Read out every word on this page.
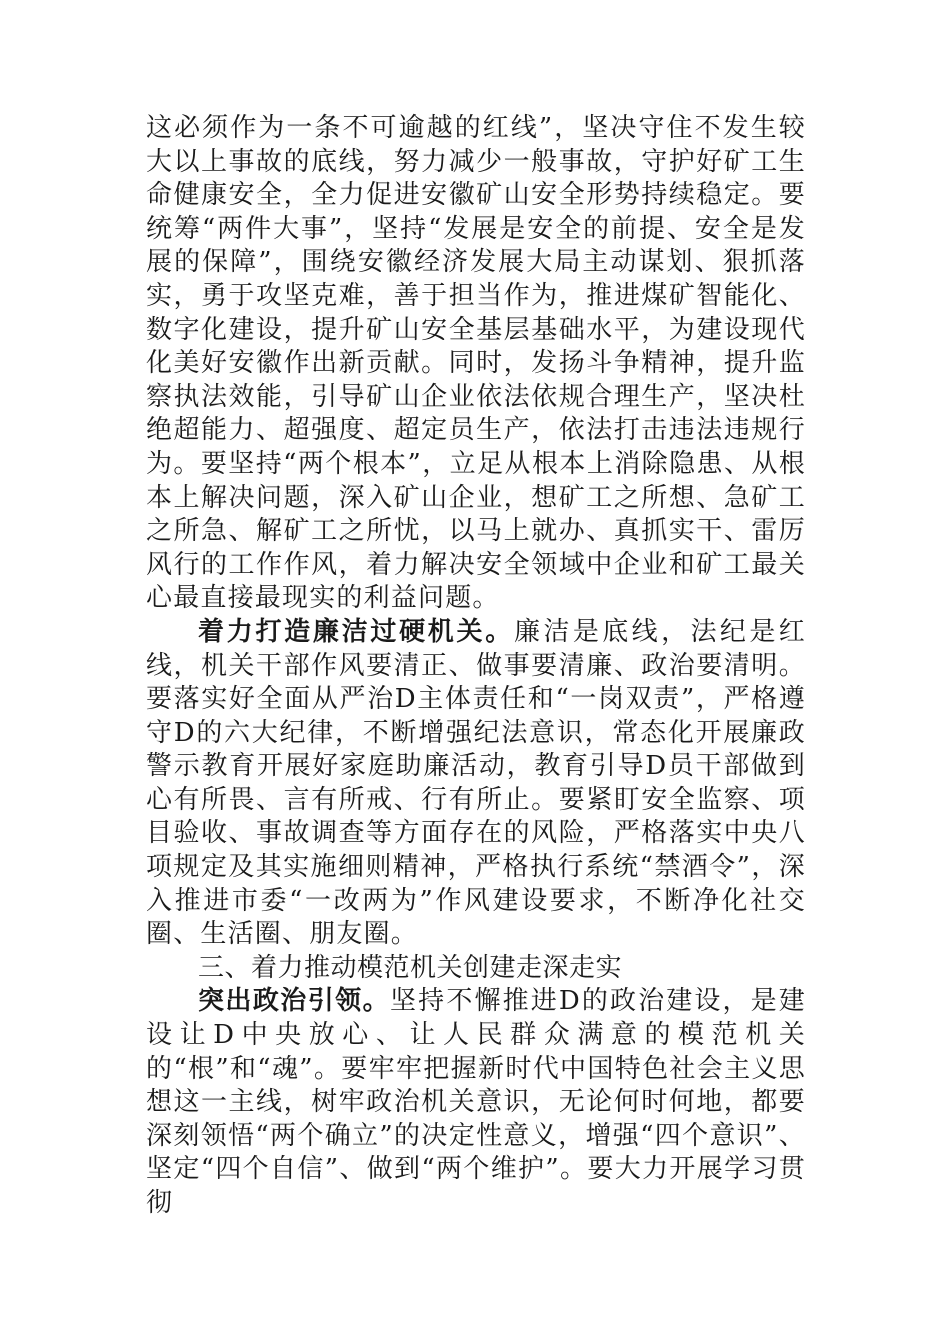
这必须作为一条不可逾越的红线”，坚决守住不发生较大以上事故的底线，努力减少一般事故，守护好矿工生命健康安全，全力促进安徽矿山安全形势持续稳定。要统筹“两件大事”，坚持“发展是安全的前提、安全是发展的保障”，围绕安徽经济发展大局主动谋划、狠抓落实，勇于攻坚克难，善于担当作为，推进煤矿智能化、数字化建设，提升矿山安全基层基础水平，为建设现代化美好安徽作出新贡献。同时，发扬斗争精神，提升监察执法效能，引导矿山企业依法依规合理生产，坚决杜绝超能力、超强度、超定员生产，依法打击违法违规行为。要坚持“两个根本”，立足从根本上消除隐患、从根本上解决问题，深入矿山企业，想矿工之所想、急矿工之所急、解矿工之所忧，以马上就办、真抓实干、雷厉风行的工作作风，着力解决安全领域中企业和矿工最关心最直接最现实的利益问题。

着力打造廉洁过硬机关。廉洁是底线，法纪是红线，机关干部作风要清正、做事要清廉、政治要清明。要落实好全面从严治D主体责任和“一岗双责”，严格遵守D的六大纪律，不断增强纪法意识，常态化开展廉政警示教育开展好家庭助廉活动，教育引导D员干部做到心有所畏、言有所戒、行有所止。要紧盯安全监察、项目验收、事故调查等方面存在的风险，严格落实中央八项规定及其实施细则精神，严格执行系统“禁酒令”，深入推进市委“一改两为”作风建设要求，不断净化社交圈、生活圈、朋友圈。

三、着力推动模范机关创建走深走实

突出政治引领。坚持不懈推进D的政治建设，是建设让D中央放心、让人民群众满意的模范机关的“根”和“魂”。要牢牢把握新时代中国特色社会主义思想这一主线，树牢政治机关意识，无论何时何地，都要深刻领悟“两个确立”的决定性意义，增强“四个意识”、坚定“四个自信”、做到“两个维护”。要大力开展学习贯彻
